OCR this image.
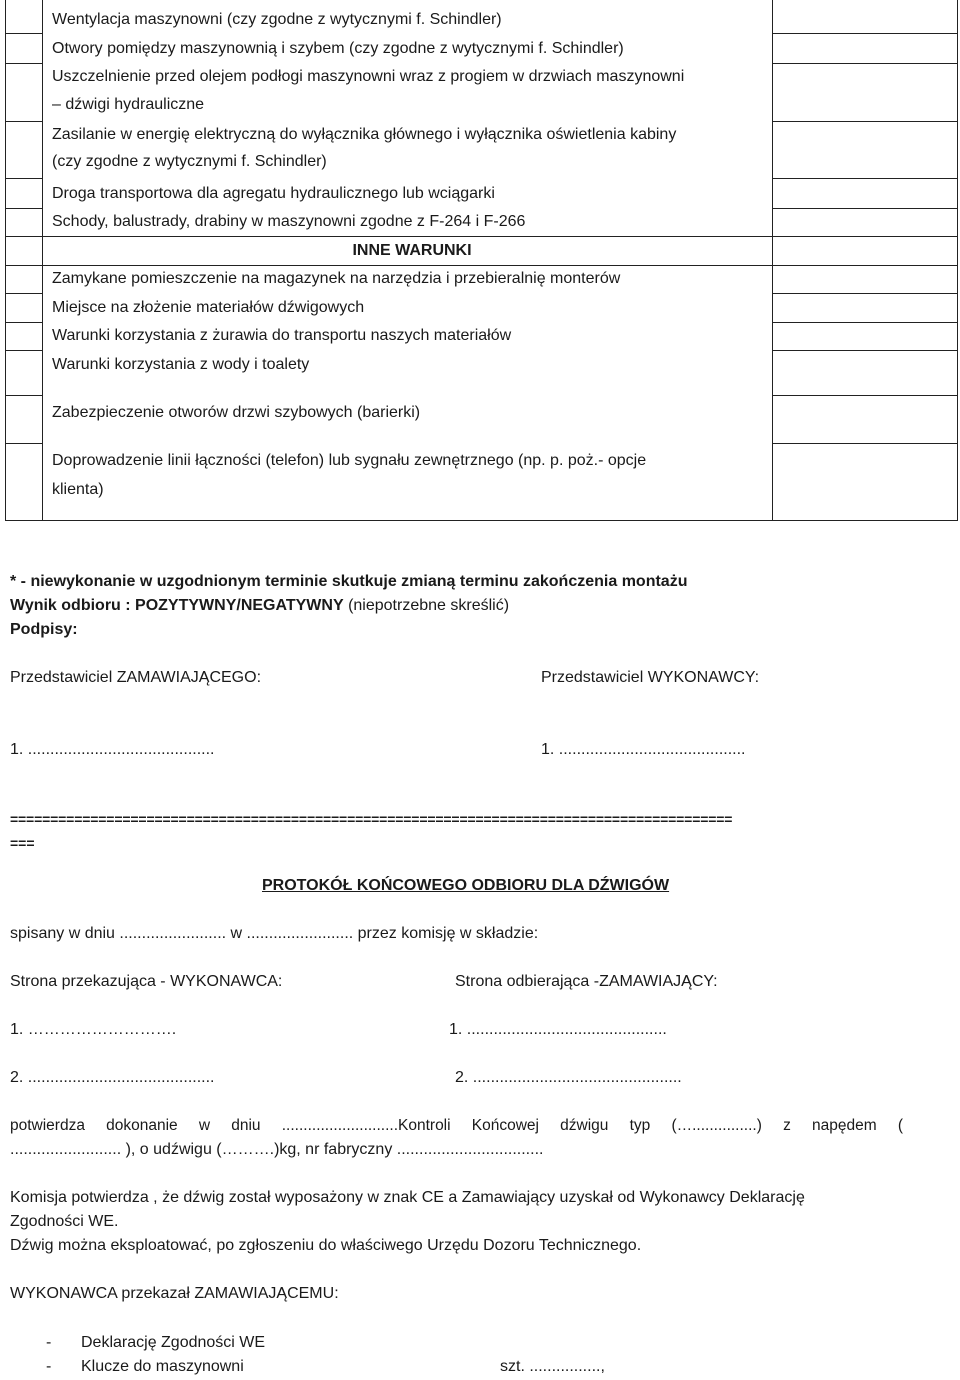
Wentylacja maszynowni (czy zgodne z wytycznymi f. Schindler)
Otwory pomiędzy maszynownią i szybem (czy zgodne z wytycznymi f. Schindler)
Uszczelnienie przed olejem podłogi maszynowni wraz z progiem w drzwiach maszynowni
– dźwigi hydrauliczne
Zasilanie w energię elektryczną do wyłącznika głównego i wyłącznika oświetlenia kabiny
(czy zgodne z wytycznymi f. Schindler)
Droga transportowa dla agregatu hydraulicznego lub wciągarki
Schody, balustrady, drabiny w maszynowni zgodne z F-264 i F-266
INNE WARUNKI
Zamykane pomieszczenie na magazynek na narzędzia i przebieralnię monterów
Miejsce na złożenie materiałów dźwigowych
Warunki korzystania z żurawia do transportu naszych materiałów
Warunki korzystania z wody i toalety
Zabezpieczenie otworów drzwi szybowych (barierki)
Doprowadzenie linii łączności (telefon) lub sygnału zewnętrznego (np. p. poż.- opcje
klienta)
* - niewykonanie w uzgodnionym terminie skutkuje zmianą terminu zakończenia montażu
Wynik odbioru : POZYTYWNY/NEGATYWNY (niepotrzebne skreślić)
Podpisy:
Przedstawiciel ZAMAWIAJĄCEGO:	Przedstawiciel WYKONAWCY:
1. ..........................................	1. ..........................................
==========================================================================================
===
PROTOKÓŁ KOŃCOWEGO ODBIORU DLA DŹWIGÓW
spisany w dniu ........................ w ........................ przez komisję w składzie:
Strona przekazująca - WYKONAWCA:	Strona odbierająca -ZAMAWIAJĄCY:
1. ……………………….	1. .............................................
2. ..........................................	2. ...............................................
potwierdza dokonanie w dniu ...........................Kontroli Końcowej dźwigu typ (…...............) z napędem (
......................... ), o udźwigu (……….)kg, nr fabryczny .................................
Komisja potwierdza , że dźwig został wyposażony w znak CE a Zamawiający uzyskał od Wykonawcy Deklarację
Zgodności WE.
Dźwig można eksploatować, po zgłoszeniu do właściwego Urzędu Dozoru Technicznego.
WYKONAWCA przekazał ZAMAWIAJĄCEMU:
- Deklarację Zgodności WE
- Klucze do maszynowni	szt. ................,
